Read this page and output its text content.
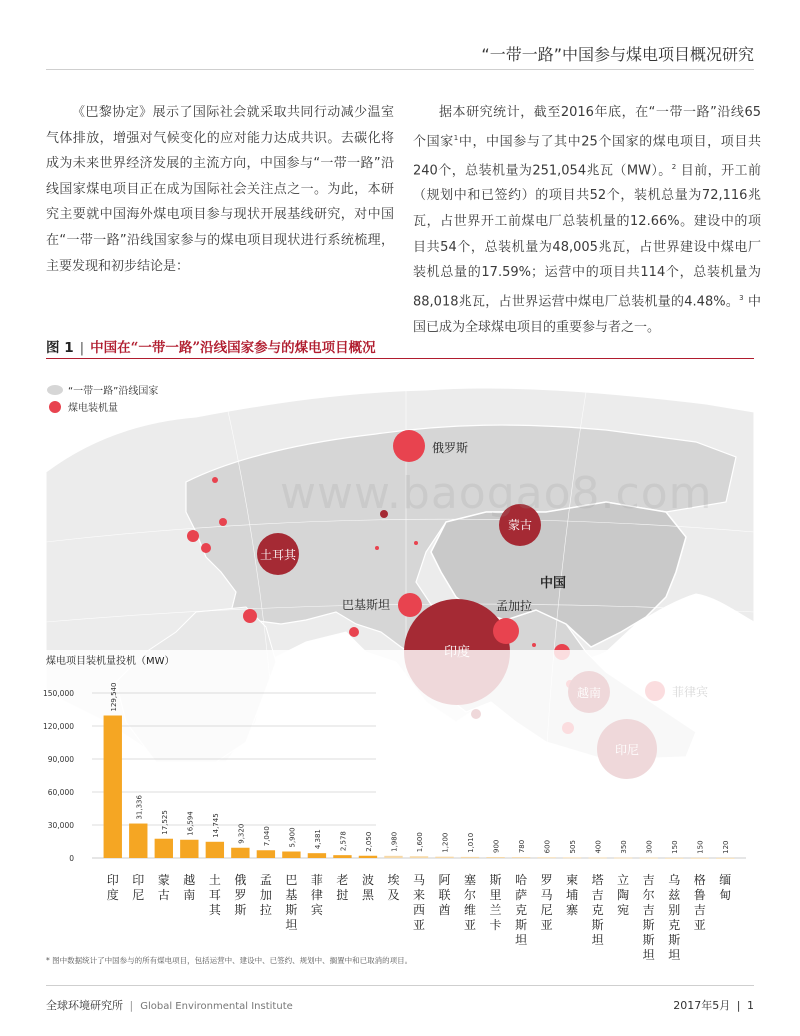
“一带一路”中国参与煤电项目概况研究

《巴黎协定》展示了国际社会就采取共同行动减少温室气体排放，增强对气候变化的应对能力达成共识。去碳化将成为未来世界经济发展的主流方向，中国参与“一带一路”沿线国家煤电项目正在成为国际社会关注点之一。为此，本研究主要就中国海外煤电项目参与现状开展基线研究，对中国在“一带一路”沿线国家参与的煤电项目现状进行系统梳理，主要发现和初步结论是：

据本研究统计，截至2016年底，在“一带一路”沿线65个国家$^1$中，中国参与了其中25个国家的煤电项目，项目共240个，总装机量为251,054兆瓦（MW）。$^2$ 目前，开工前（规划中和已签约）的项目共52个，装机总量为72,116兆瓦，占世界开工前煤电厂总装机量的12.66%。建设中的项目共54个，总装机量为48,005兆瓦，占世界建设中煤电厂装机总量的17.59%；运营中的项目共114个，总装机量为88,018兆瓦，占世界运营中煤电厂总装机量的4.48%。$^3$ 中国已成为全球煤电项目的重要参与者之一。

图 1 | 中国在“一带一路”沿线国家参与的煤电项目概况
“一带一路”沿线国家
煤电装机量
俄罗斯
蒙古
土耳其
中国
巴基斯坦	孟加拉
www.baogao8.com
煤电项目装机量投机（MW）
0
30,000
60,000
90,000
120,000
150,000	129,540
31,336
17,525	16,594	14,745	9,320	7,040	5,900	4,381	2,578	2,050	1,980	1,600	1,200	1,010	900	780	600	505	400	350	300	150	150	120
印
度
印
尼
蒙
古
越
南
土
耳
其
俄
罗
斯
孟
加
拉
巴
基
斯
坦
菲
律
宾
老
挝
波
黑
埃
及
马
来
西
亚
阿
联
酋
塞
尔
维
亚
斯
里
兰
卡
哈
萨
克
斯
坦
罗
马
尼
亚
柬
埔
寨
塔
吉
克
斯
坦
立
陶
宛
吉
尔
吉
斯
斯
坦
乌
兹
别
克
斯
坦
格
鲁
吉
亚
缅
甸
* 图中数据统计了中国参与的所有煤电项目，包括运营中、建设中、已签约、规划中、搁置中和已取消的项目。
全球环境研究所 | Global Environmental Institute	2017年5月 | 1
